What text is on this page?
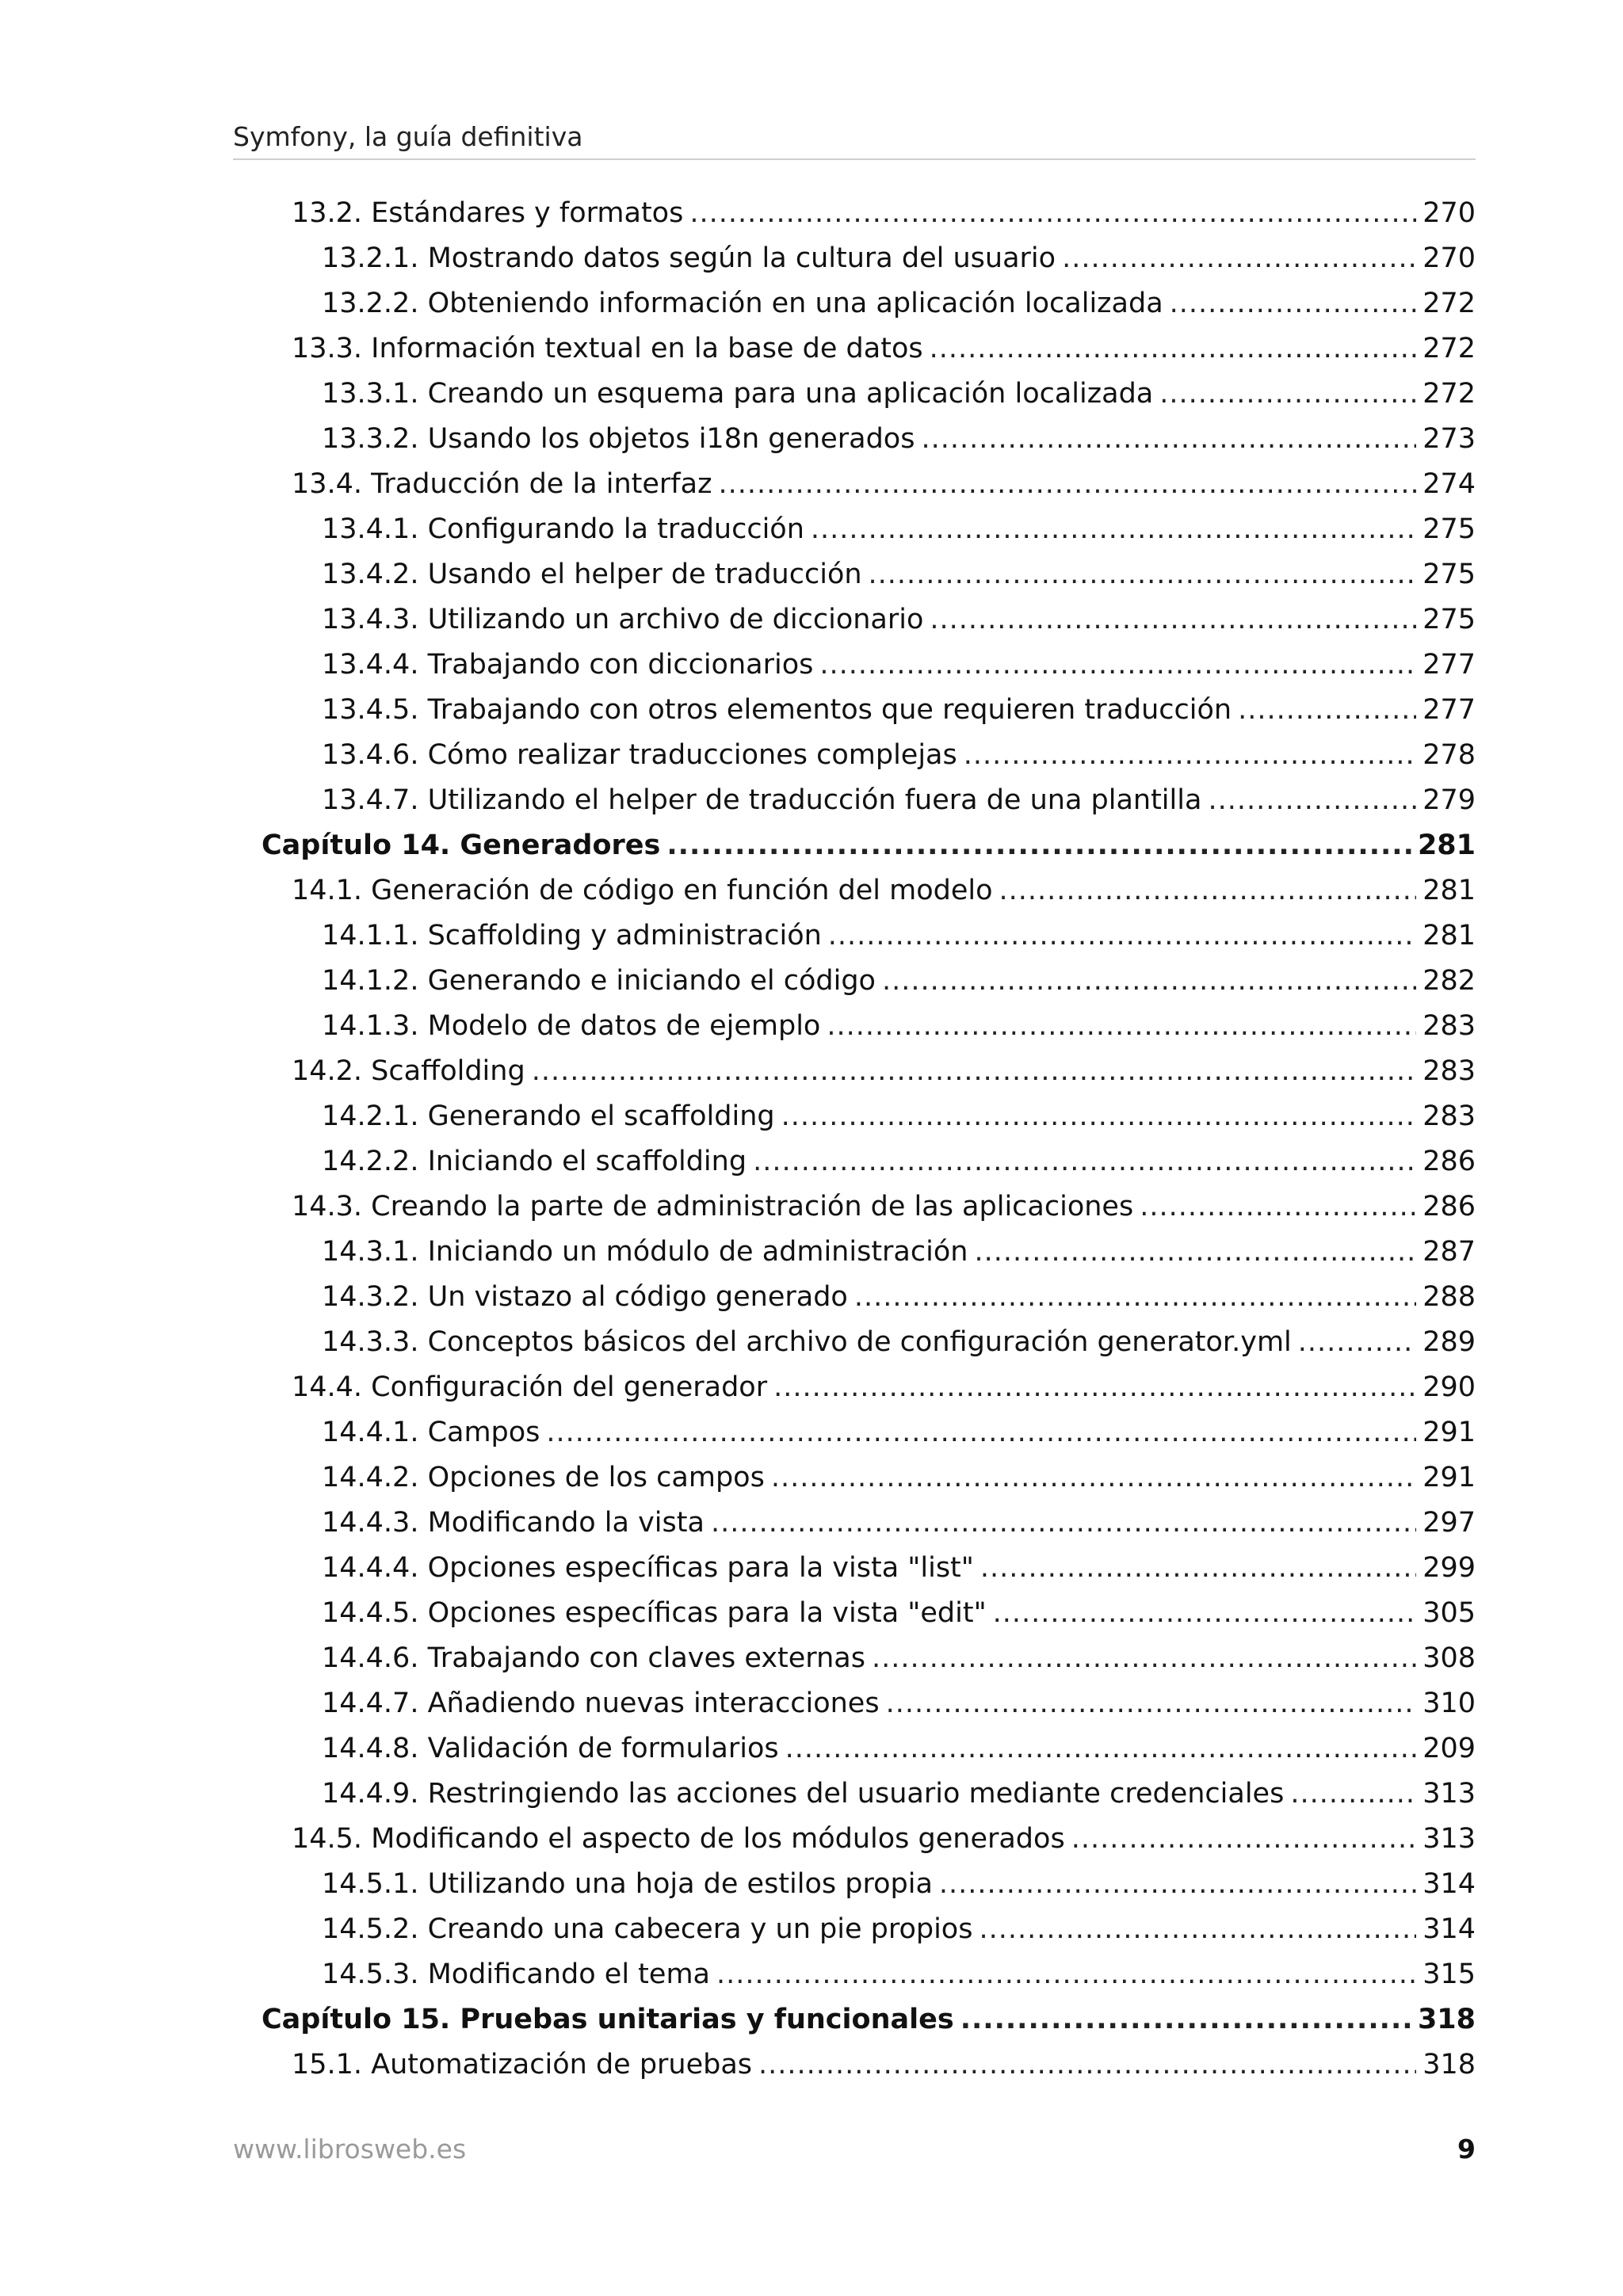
Symfony, la guía definitiva
13.2. Estándares y formatos .....	270
13.2.1. Mostrando datos según la cultura del usuario .....	270
13.2.2. Obteniendo información en una aplicación localizada .....	272
13.3. Información textual en la base de datos .....	272
13.3.1. Creando un esquema para una aplicación localizada .....	272
13.3.2. Usando los objetos i18n generados .....	273
13.4. Traducción de la interfaz .....	274
13.4.1. Configurando la traducción .....	275
13.4.2. Usando el helper de traducción .....	275
13.4.3. Utilizando un archivo de diccionario .....	275
13.4.4. Trabajando con diccionarios .....	277
13.4.5. Trabajando con otros elementos que requieren traducción .....	277
13.4.6. Cómo realizar traducciones complejas .....	278
13.4.7. Utilizando el helper de traducción fuera de una plantilla .....	279
Capítulo 14. Generadores .....	281
14.1. Generación de código en función del modelo .....	281
14.1.1. Scaffolding y administración .....	281
14.1.2. Generando e iniciando el código .....	282
14.1.3. Modelo de datos de ejemplo .....	283
14.2. Scaffolding .....	283
14.2.1. Generando el scaffolding .....	283
14.2.2. Iniciando el scaffolding .....	286
14.3. Creando la parte de administración de las aplicaciones .....	286
14.3.1. Iniciando un módulo de administración .....	287
14.3.2. Un vistazo al código generado .....	288
14.3.3. Conceptos básicos del archivo de configuración generator.yml .....	289
14.4. Configuración del generador .....	290
14.4.1. Campos .....	291
14.4.2. Opciones de los campos .....	291
14.4.3. Modificando la vista .....	297
14.4.4. Opciones específicas para la vista "list" .....	299
14.4.5. Opciones específicas para la vista "edit" .....	305
14.4.6. Trabajando con claves externas .....	308
14.4.7. Añadiendo nuevas interacciones .....	310
14.4.8. Validación de formularios .....	209
14.4.9. Restringiendo las acciones del usuario mediante credenciales .....	313
14.5. Modificando el aspecto de los módulos generados .....	313
14.5.1. Utilizando una hoja de estilos propia .....	314
14.5.2. Creando una cabecera y un pie propios .....	314
14.5.3. Modificando el tema .....	315
Capítulo 15. Pruebas unitarias y funcionales .....	318
15.1. Automatización de pruebas .....	318
www.librosweb.es	9
